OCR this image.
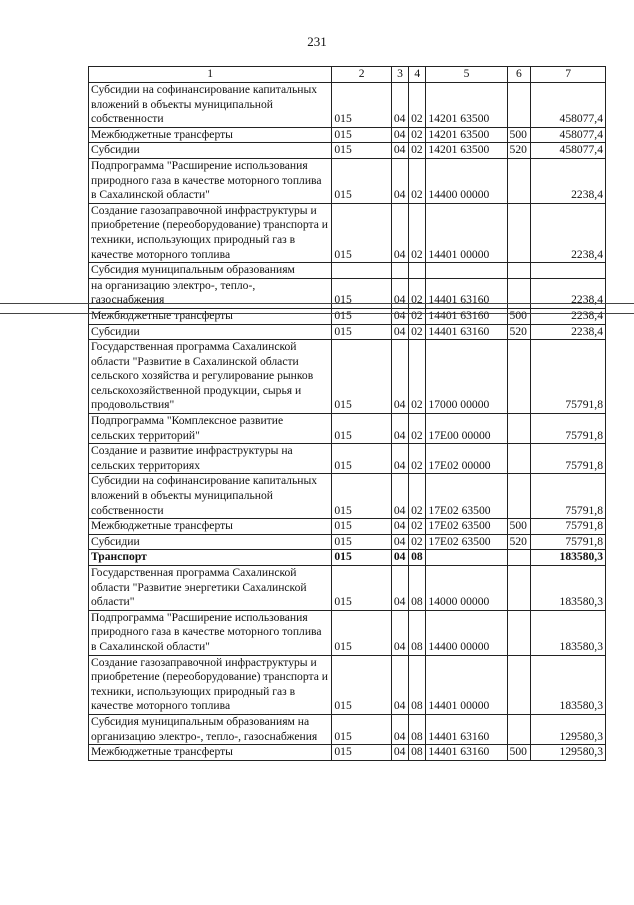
231
1	2	3	4	5	6	7
Субсидии на софинансирование капитальных вложений в объекты муниципальной собственности	015	04	02	14201 63500		458077,4
Межбюджетные трансферты	015	04	02	14201 63500	500	458077,4
Субсидии	015	04	02	14201 63500	520	458077,4
Подпрограмма "Расширение использования природного газа в качестве моторного топлива в Сахалинской области"	015	04	02	14400 00000		2238,4
Создание газозаправочной инфраструктуры и приобретение (переоборудование) транспорта и техники, использующих природный газ в качестве моторного топлива	015	04	02	14401 00000		2238,4
Субсидия муниципальным образованиям						
на организацию электро-, тепло-, газоснабжения	015	04	02	14401 63160		2238,4
Межбюджетные трансферты	015	04	02	14401 63160	500	2238,4
Субсидии	015	04	02	14401 63160	520	2238,4
Государственная программа Сахалинской области "Развитие в Сахалинской области сельского хозяйства и регулирование рынков сельскохозяйственной продукции, сырья и продовольствия"	015	04	02	17000 00000		75791,8
Подпрограмма "Комплексное развитие сельских территорий"	015	04	02	17Е00 00000		75791,8
Создание и развитие инфраструктуры на сельских территориях	015	04	02	17Е02 00000		75791,8
Субсидии на софинансирование капитальных вложений в объекты муниципальной собственности	015	04	02	17Е02 63500		75791,8
Межбюджетные трансферты	015	04	02	17Е02 63500	500	75791,8
Субсидии	015	04	02	17Е02 63500	520	75791,8
Транспорт	015	04	08			183580,3
Государственная программа Сахалинской области "Развитие энергетики Сахалинской области"	015	04	08	14000 00000		183580,3
Подпрограмма "Расширение использования природного газа в качестве моторного топлива в Сахалинской области"	015	04	08	14400 00000		183580,3
Создание газозаправочной инфраструктуры и приобретение (переоборудование) транспорта и техники, использующих природный газ в качестве моторного топлива	015	04	08	14401 00000		183580,3
Субсидия муниципальным образованиям на организацию электро-, тепло-, газоснабжения	015	04	08	14401 63160		129580,3
Межбюджетные трансферты	015	04	08	14401 63160	500	129580,3
